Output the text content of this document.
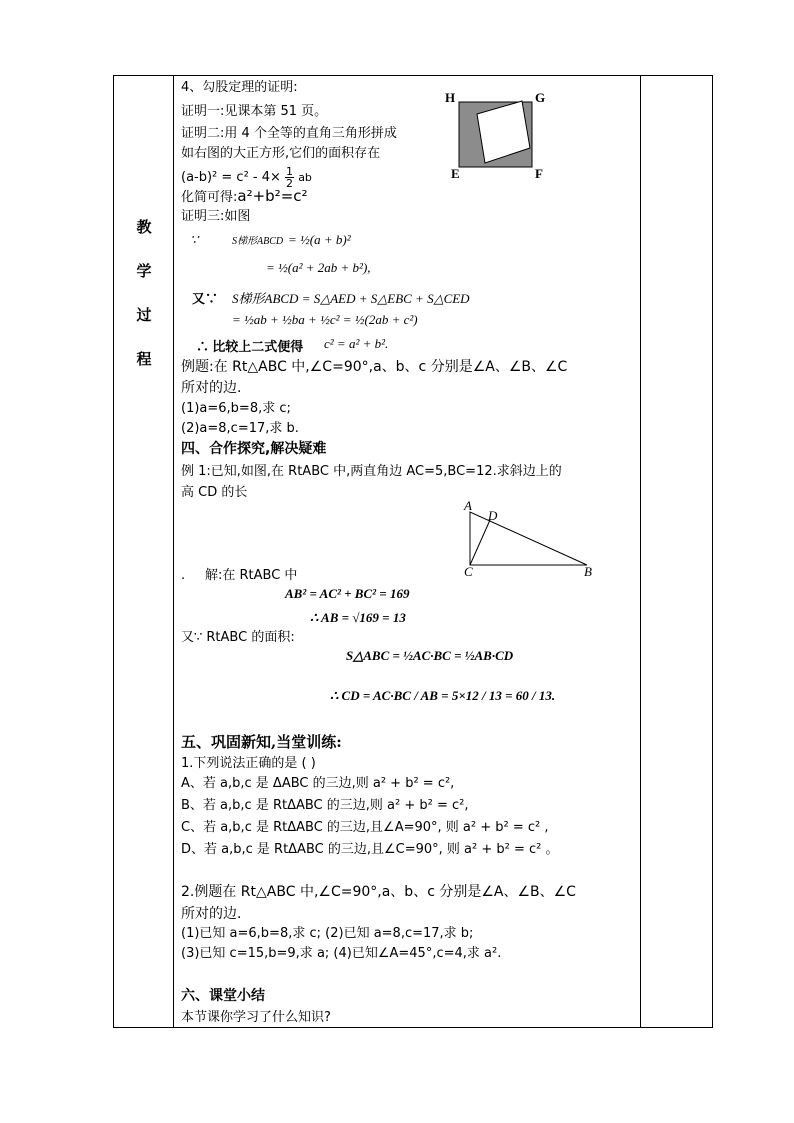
教
学
过
程
4、勾股定理的证明:
证明一:见课本第 51 页。
证明二:用 4 个全等的直角三角形拼成
如右图的大正方形,它们的面积存在
$(a-b)^2 = c^2 - 4\times \frac{1}{2}$ ab
化简可得:a²+b²=c²
证明三:如图
∵	S梯形ABCD = ½(a + b)²
= ½(a² + 2ab + b²),
又∵ S梯形ABCD = S△AED + S△EBC + S△CED
= ½ab + ½ba + ½c² = ½(2ab + c²)
∴ 比较上二式便得 c² = a² + b².
H	G
E	F
例题:在 Rt△ABC 中,∠C=90°,a、b、c 分别是∠A、∠B、∠C
所对的边.
(1)a=6,b=8,求 c;
(2)a=8,c=17,求 b.
四、合作探究,解决疑难
例 1:已知,如图,在 RtABC 中,两直角边 AC=5,BC=12.求斜边上的
高 CD 的长
A
D
C	B
. 解:在 RtABC 中
AB² = AC² + BC² = 169
∴ AB = √169 = 13
又∵ RtABC 的面积:
S△ABC = ½AC·BC = ½AB·CD
∴ CD = AC·BC / AB = 5×12 / 13 = 60 / 13.
五、巩固新知,当堂训练:
1.下列说法正确的是 ( )
A、若 a,b,c 是 ΔABC 的三边,则 a² + b² = c²,
B、若 a,b,c 是 RtΔABC 的三边,则 a² + b² = c²,
C、若 a,b,c 是 RtΔABC 的三边,且∠A=90°, 则 a² + b² = c² ,
D、若 a,b,c 是 RtΔABC 的三边,且∠C=90°, 则 a² + b² = c² 。
2.例题在 Rt△ABC 中,∠C=90°,a、b、c 分别是∠A、∠B、∠C
所对的边.
(1)已知 a=6,b=8,求 c; (2)已知 a=8,c=17,求 b;
(3)已知 c=15,b=9,求 a; (4)已知∠A=45°,c=4,求 a².
六、课堂小结
本节课你学习了什么知识?
